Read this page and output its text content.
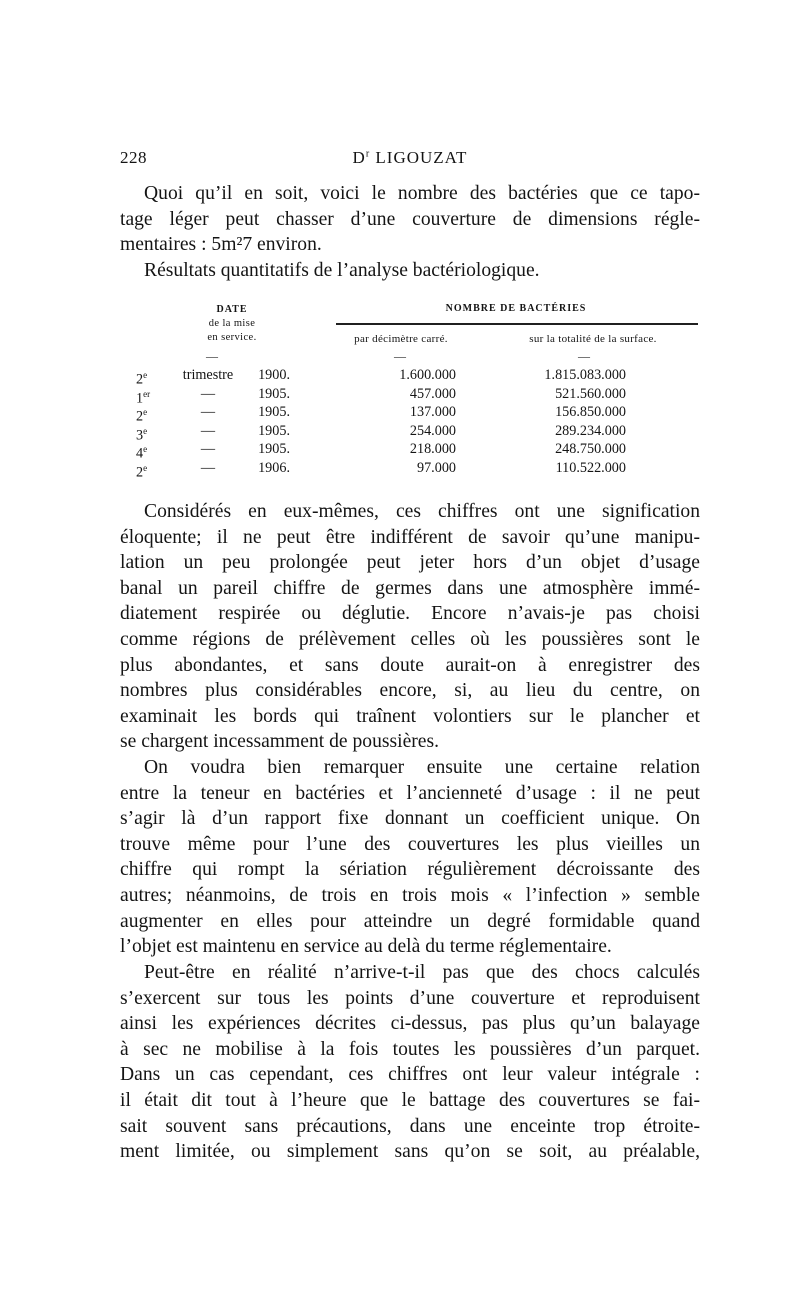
228	$D^r$ LIGOUZAT

Quoi qu’il en soit, voici le nombre des bactéries que ce tapo-

tage léger peut chasser d’une couverture de dimensions régle-
mentaires : 5m²7 environ.

Résultats quantitatifs de l’analyse bactériologique.

DATE
de la mise
en service.
NOMBRE DE BACTÉRIES
par décimètre carré.	sur la totalité de la surface.
—	—	—
2e	trimestre	1900.	1.600.000	1.815.083.000
1er	—	1905.	457.000	521.560.000
2e	—	1905.	137.000	156.850.000
3e	—	1905.	254.000	289.234.000
4e	—	1905.	218.000	248.750.000
2e	—	1906.	97.000	110.522.000

Considérés en eux-mêmes, ces chiffres ont une signification
éloquente; il ne peut être indifférent de savoir qu’une manipu-
lation un peu prolongée peut jeter hors d’un objet d’usage
banal un pareil chiffre de germes dans une atmosphère immé-
diatement respirée ou déglutie. Encore n’avais-je pas choisi
comme régions de prélèvement celles où les poussières sont le
plus abondantes, et sans doute aurait-on à enregistrer des
nombres plus considérables encore, si, au lieu du centre, on
examinait les bords qui traînent volontiers sur le plancher et
se chargent incessamment de poussières.

On voudra bien remarquer ensuite une certaine relation
entre la teneur en bactéries et l’ancienneté d’usage : il ne peut
s’agir là d’un rapport fixe donnant un coefficient unique. On
trouve même pour l’une des couvertures les plus vieilles un
chiffre qui rompt la sériation régulièrement décroissante des
autres; néanmoins, de trois en trois mois « l’infection » semble
augmenter en elles pour atteindre un degré formidable quand
l’objet est maintenu en service au delà du terme réglementaire.

Peut-être en réalité n’arrive-t-il pas que des chocs calculés
s’exercent sur tous les points d’une couverture et reproduisent
ainsi les expériences décrites ci-dessus, pas plus qu’un balayage
à sec ne mobilise à la fois toutes les poussières d’un parquet.
Dans un cas cependant, ces chiffres ont leur valeur intégrale :
il était dit tout à l’heure que le battage des couvertures se fai-
sait souvent sans précautions, dans une enceinte trop étroite-
ment limitée, ou simplement sans qu’on se soit, au préalable,
